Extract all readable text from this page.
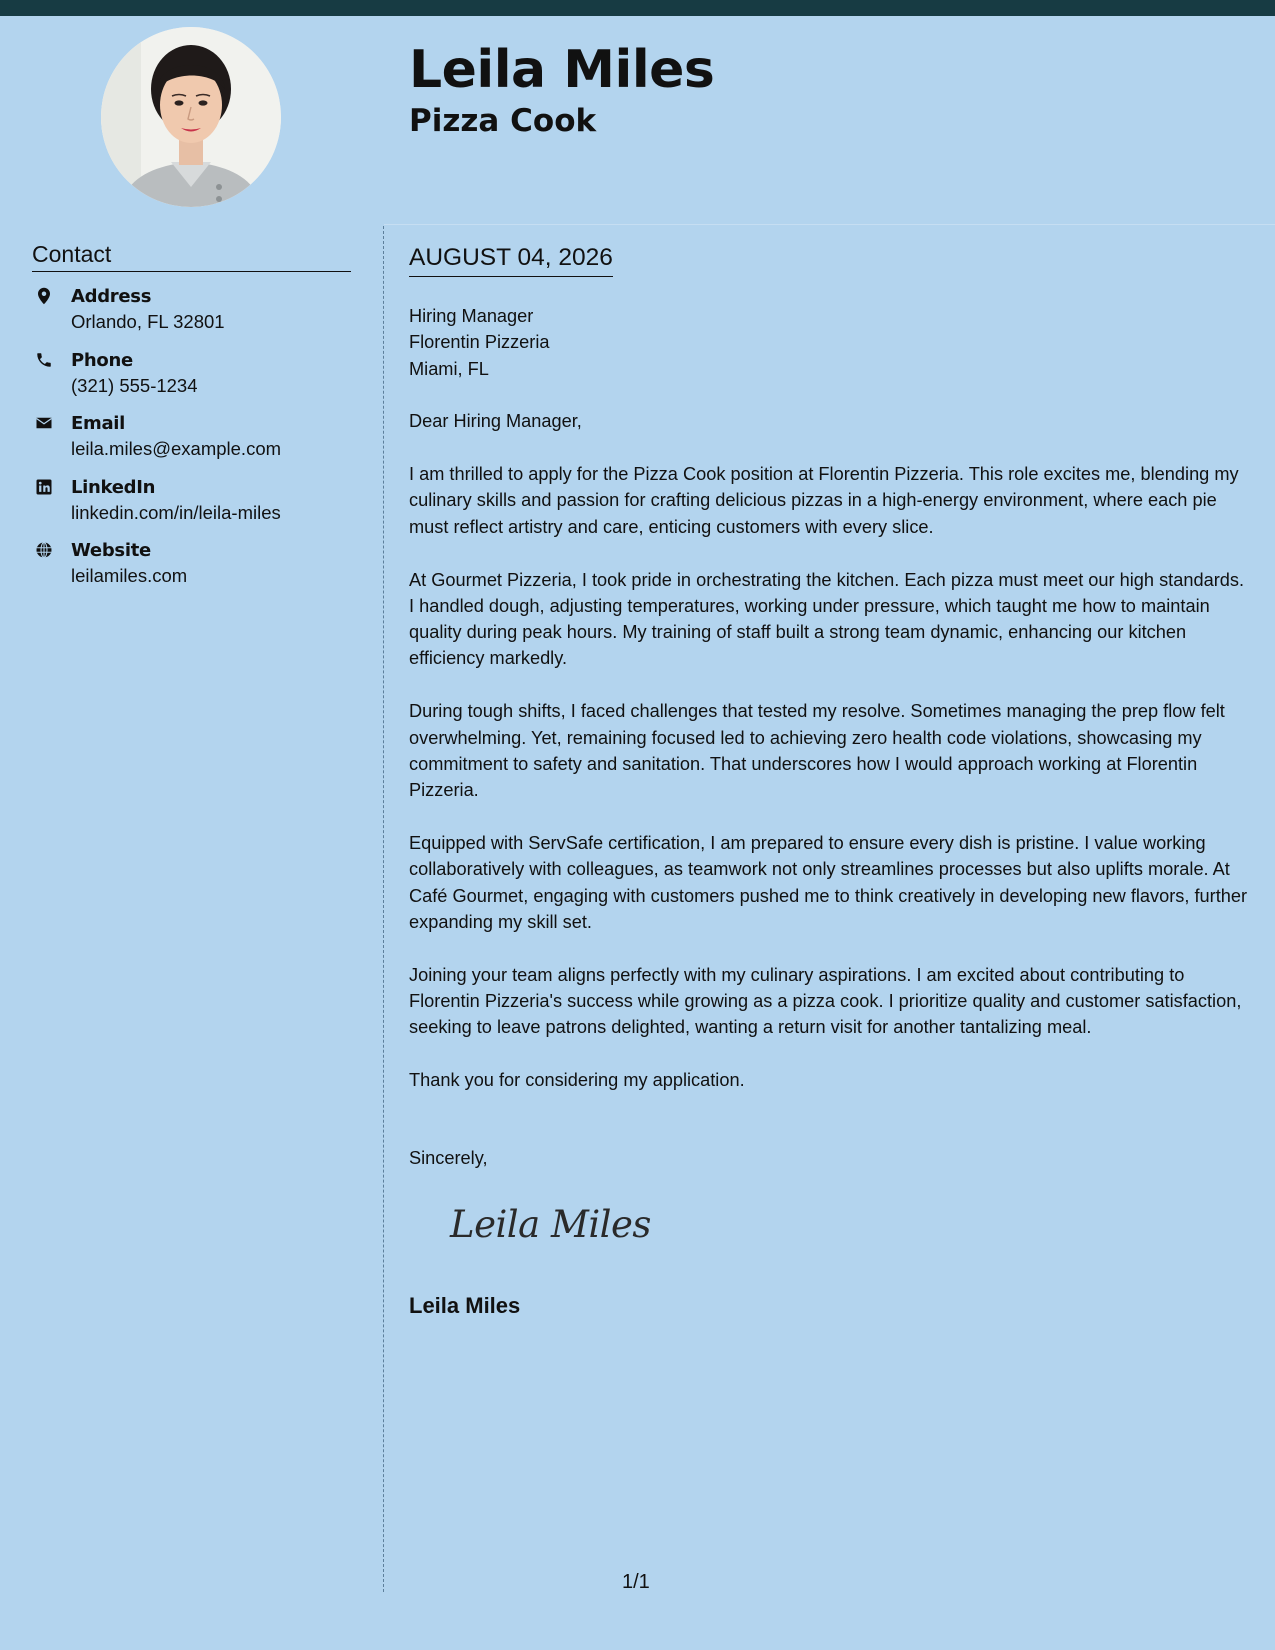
Leila Miles
Pizza Cook
Contact
Address
Orlando, FL 32801
Phone
(321) 555-1234
Email
leila.miles@example.com
LinkedIn
linkedin.com/in/leila-miles
Website
leilamiles.com
AUGUST 04, 2026

Hiring Manager

Florentin Pizzeria

Miami, FL

Dear Hiring Manager,

I am thrilled to apply for the Pizza Cook position at Florentin Pizzeria. This role excites me, blending my culinary skills and passion for crafting delicious pizzas in a high-energy environment, where each pie must reflect artistry and care, enticing customers with every slice.

At Gourmet Pizzeria, I took pride in orchestrating the kitchen. Each pizza must meet our high standards. I handled dough, adjusting temperatures, working under pressure, which taught me how to maintain quality during peak hours. My training of staff built a strong team dynamic, enhancing our kitchen efficiency markedly.

During tough shifts, I faced challenges that tested my resolve. Sometimes managing the prep flow felt overwhelming. Yet, remaining focused led to achieving zero health code violations, showcasing my commitment to safety and sanitation. That underscores how I would approach working at Florentin Pizzeria.

Equipped with ServSafe certification, I am prepared to ensure every dish is pristine. I value working collaboratively with colleagues, as teamwork not only streamlines processes but also uplifts morale. At Café Gourmet, engaging with customers pushed me to think creatively in developing new flavors, further expanding my skill set.

Joining your team aligns perfectly with my culinary aspirations. I am excited about contributing to Florentin Pizzeria's success while growing as a pizza cook. I prioritize quality and customer satisfaction, seeking to leave patrons delighted, wanting a return visit for another tantalizing meal.

Thank you for considering my application.

Sincerely,
Leila Miles
Leila Miles
1/1
